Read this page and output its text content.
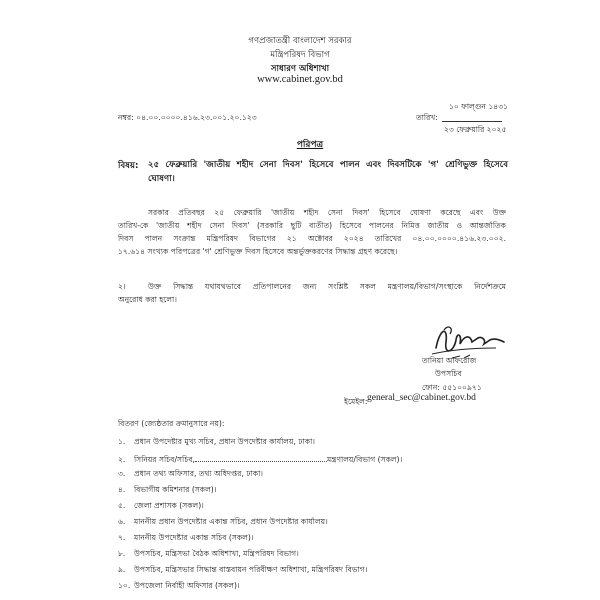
গণপ্রজাতন্ত্রী বাংলাদেশ সরকার
মন্ত্রিপরিষদ বিভাগ
সাধারণ অধিশাখা
www.cabinet.gov.bd
১০ ফাল্গুন ১৪৩১
নম্বর: ০৪.০০.০০০০.৪১৬.২৩.০০১.২০.১২৩	তারিখ:
২৩ ফেব্রুয়ারি ২০২৫
পরিপত্র
বিষয়: ২৫ ফেব্রুয়ারি 'জাতীয় শহীদ সেনা দিবস' হিসেবে পালন এবং দিবসটিকে 'গ' শ্রেণিভুক্ত হিসেবে
ঘোষণা।
সরকার প্রতিবছর ২৫ ফেব্রুয়ারি 'জাতীয় শহীদ সেনা দিবস' হিসেবে ঘোষণা করেছে এবং উক্ত
তারিখ-কে 'জাতীয় শহীদ সেনা দিবস' (সরকারি ছুটি ব্যতীত) হিসেবে পালনের নিমিত্ত জাতীয় ও আন্তর্জাতিক
দিবস পালন সংক্রান্ত মন্ত্রিপরিষদ বিভাগের ২১ অক্টোবর ২০২৪ তারিখের ০৪.০০.০০০০.৪১৬.২৩.০০২.
১৭.৬১৪ সংখ্যক পরিপত্রের 'গ' শ্রেণিভুক্ত দিবস হিসেবে অন্তর্ভুক্তকরণের সিদ্ধান্ত গ্রহণ করেছে।
২।	উক্ত সিদ্ধান্ত যথাযথভাবে প্রতিপালনের জন্য সংশ্লিষ্ট সকল মন্ত্রণালয়/বিভাগ/সংস্থাকে নির্দেশক্রমে
অনুরোধ করা হলো।
তানিয়া আফরোজ
উপসচিব
ফোন: ৫৫১০০৯৭১
ইমেইল: general_sec@cabinet.gov.bd
বিতরণ (জ্যেষ্ঠতার ক্রমানুসারে নয়):
১. প্রধান উপদেষ্টার মুখ্য সচিব, প্রধান উপদেষ্টার কার্যালয়, ঢাকা।
২. সিনিয়র সচিব/সচিব,	মন্ত্রণালয়/বিভাগ (সকল)।
৩. প্রধান তথ্য অফিসার, তথ্য অধিদপ্তর, ঢাকা।
৪. বিভাগীয় কমিশনার (সকল)।
৫. জেলা প্রশাসক (সকল)।
৬. মাননীয় প্রধান উপদেষ্টার একান্ত সচিব, প্রধান উপদেষ্টার কার্যালয়।
৭. মাননীয় উপদেষ্টার একান্ত সচিব (সকল)।
৮. উপসচিব, মন্ত্রিসভা বৈঠক অধিশাখা, মন্ত্রিপরিষদ বিভাগ।
৯. উপসচিব, মন্ত্রিসভার সিদ্ধান্ত বাস্তবায়ন পরিবীক্ষণ অধিশাখা, মন্ত্রিপরিষদ বিভাগ।
১০. উপজেলা নির্বাহী অফিসার (সকল)।
